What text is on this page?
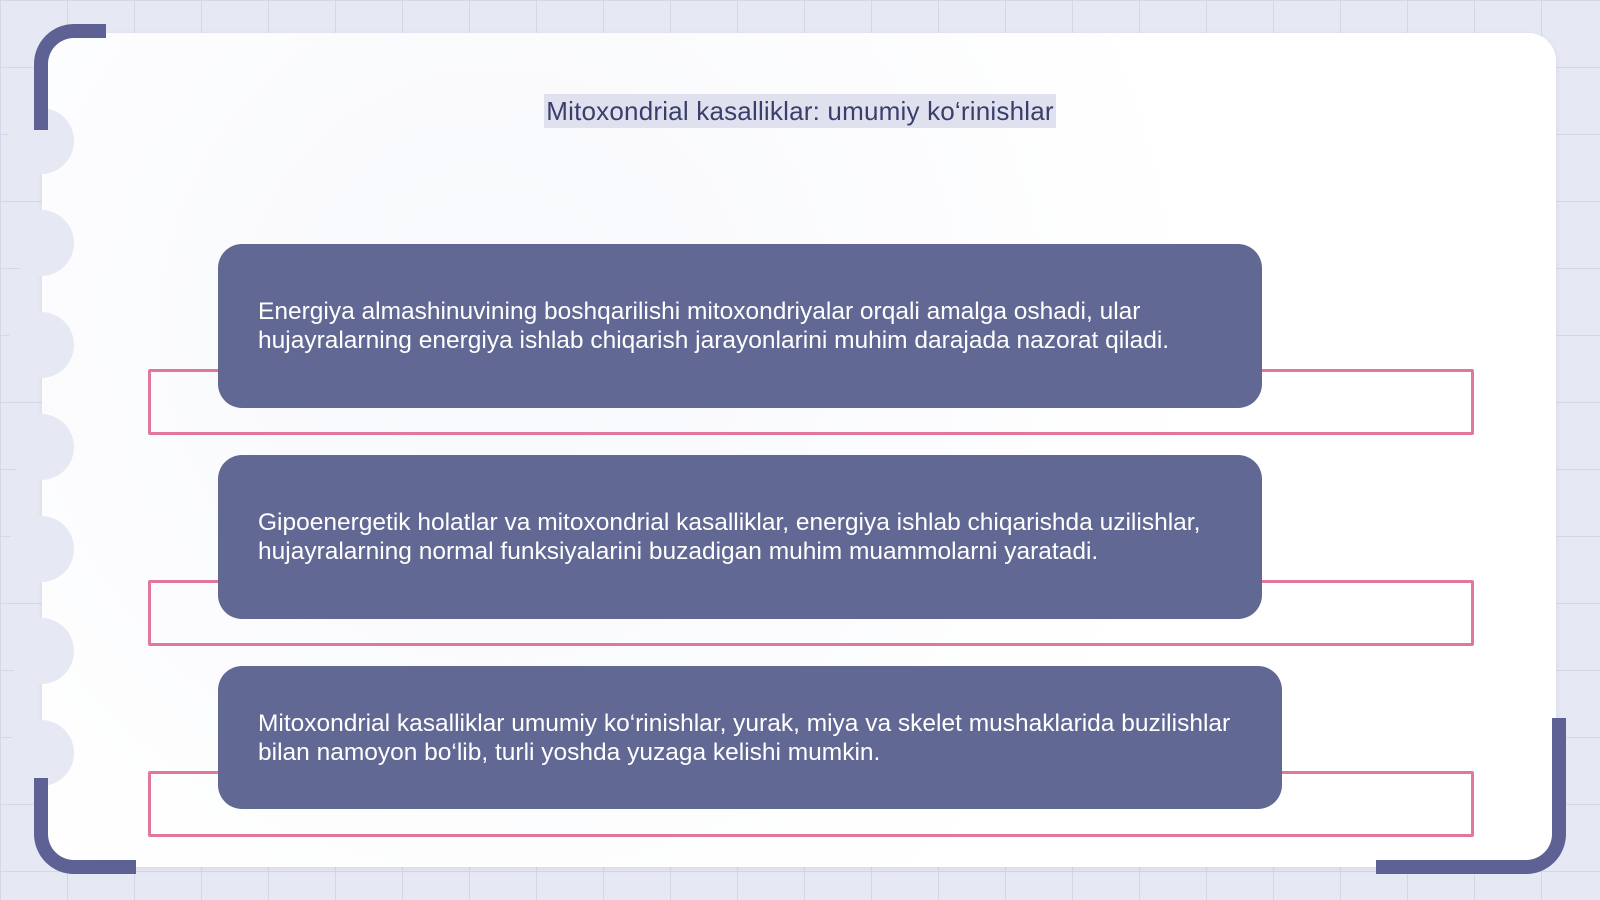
Mitoxondrial kasalliklar: umumiy ko‘rinishlar

Energiya almashinuvining boshqarilishi mitoxondriyalar orqali amalga oshadi, ular hujayralarning energiya ishlab chiqarish jarayonlarini muhim darajada nazorat qiladi.

Gipoenergetik holatlar va mitoxondrial kasalliklar, energiya ishlab chiqarishda uzilishlar, hujayralarning normal funksiyalarini buzadigan muhim muammolarni yaratadi.

Mitoxondrial kasalliklar umumiy ko‘rinishlar, yurak, miya va skelet mushaklarida buzilishlar bilan namoyon bo‘lib, turli yoshda yuzaga kelishi mumkin.
